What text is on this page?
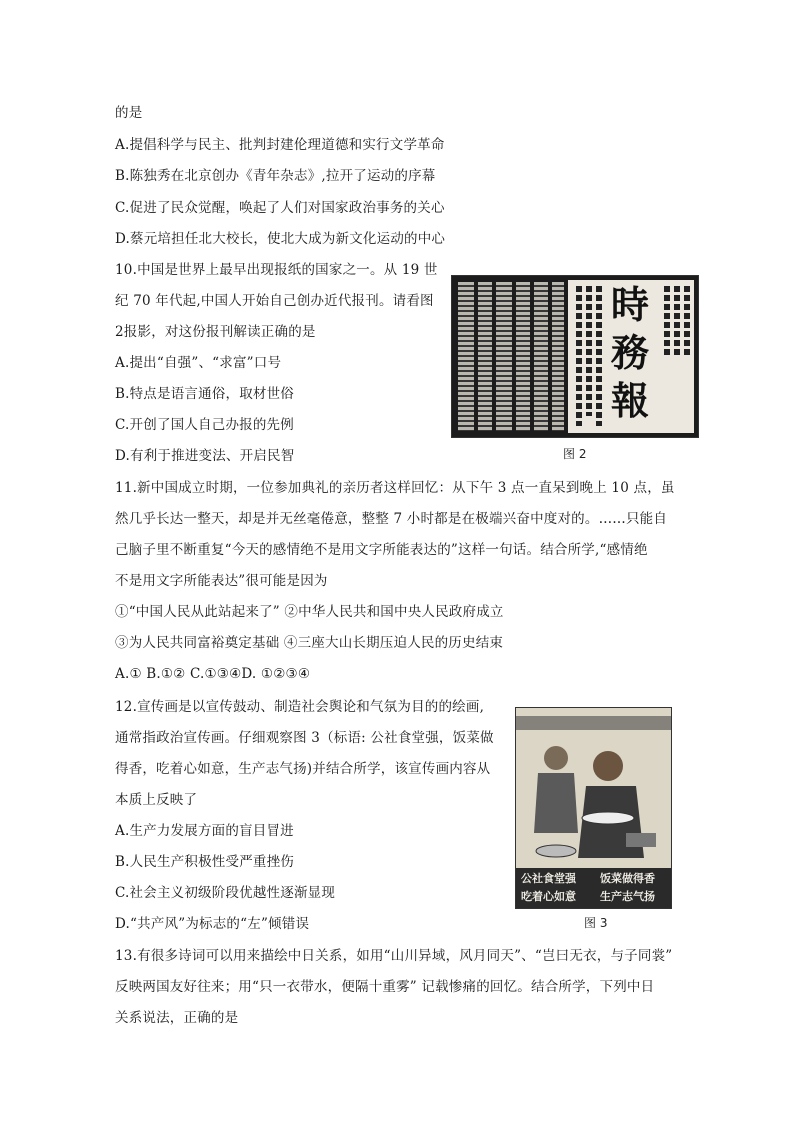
的是
A.提倡科学与民主、批判封建伦理道德和实行文学革命
B.陈独秀在北京创办《青年杂志》,拉开了运动的序幕
C.促进了民众觉醒，唤起了人们对国家政治事务的关心
D.蔡元培担任北大校长，使北大成为新文化运动的中心
10.中国是世界上最早出现报纸的国家之一。从 19 世
纪 70 年代起,中国人开始自己创办近代报刊。请看图
2报影，对这份报刊解读正确的是
A.提出“自强”、“求富”口号
B.特点是语言通俗，取材世俗
C.开创了国人自己办报的先例
D.有利于推进变法、开启民智
時
務
報
图 2
11.新中国成立时期，一位参加典礼的亲历者这样回忆：从下午 3 点一直呆到晚上 10 点，虽
然几乎长达一整天，却是并无丝毫倦意，整整 7 小时都是在极端兴奋中度对的。……只能自
己脑子里不断重复“今天的感情绝不是用文字所能表达的”这样一句话。结合所学,“感情绝
不是用文字所能表达”很可能是因为
①“中国人民从此站起来了” ②中华人民共和国中央人民政府成立
③为人民共同富裕奠定基础 ④三座大山长期压迫人民的历史结束
A.① B.①② C.①③④D. ①②③④
12.宣传画是以宣传鼓动、制造社会舆论和气氛为目的的绘画,
通常指政治宣传画。仔细观察图 3（标语: 公社食堂强，饭菜做
得香，吃着心如意，生产志气扬)并结合所学，该宣传画内容从
本质上反映了
A.生产力发展方面的盲目冒进
B.人民生产积极性受严重挫伤
C.社会主义初级阶段优越性逐渐显现
D.“共产风”为标志的“左”倾错误
公社食堂强 饭菜做得香
吃着心如意 生产志气扬
图 3
13.有很多诗词可以用来描绘中日关系，如用“山川异域，风月同天”、“岂曰无衣，与子同裳”
反映两国友好往来；用“只一衣带水，便隔十重雾” 记载惨痛的回忆。结合所学，下列中日
关系说法，正确的是
